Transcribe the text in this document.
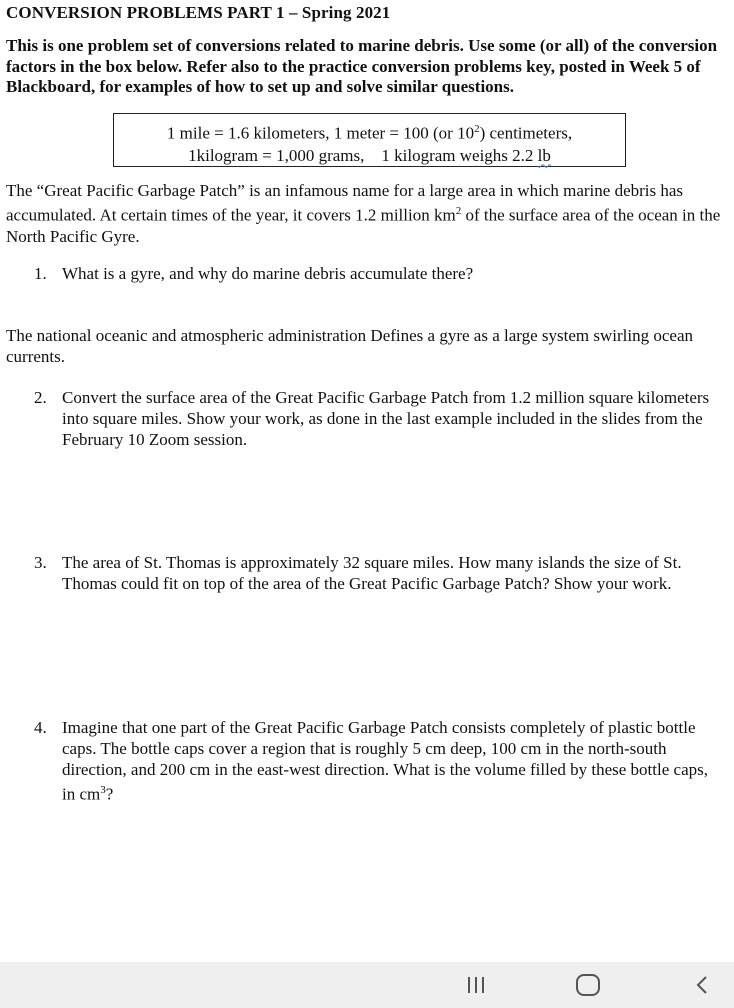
CONVERSION PROBLEMS PART 1 – Spring 2021
This is one problem set of conversions related to marine debris. Use some (or all) of the conversion factors in the box below. Refer also to the practice conversion problems key, posted in Week 5 of Blackboard, for examples of how to set up and solve similar questions.
1 mile = 1.6 kilometers, 1 meter = 100 (or $10^2$) centimeters,
1kilogram = 1,000 grams,    1 kilogram weighs 2.2 lb
The “Great Pacific Garbage Patch” is an infamous name for a large area in which marine debris has accumulated. At certain times of the year, it covers 1.2 million $km^2$ of the surface area of the ocean in the North Pacific Gyre.
1. What is a gyre, and why do marine debris accumulate there?
The national oceanic and atmospheric administration Defines a gyre as a large system swirling ocean currents.
2. Convert the surface area of the Great Pacific Garbage Patch from 1.2 million square kilometers into square miles. Show your work, as done in the last example included in the slides from the February 10 Zoom session.
3. The area of St. Thomas is approximately 32 square miles. How many islands the size of St. Thomas could fit on top of the area of the Great Pacific Garbage Patch? Show your work.
4. Imagine that one part of the Great Pacific Garbage Patch consists completely of plastic bottle caps. The bottle caps cover a region that is roughly 5 cm deep, 100 cm in the north-south direction, and 200 cm in the east-west direction. What is the volume filled by these bottle caps, in $cm^3$?
